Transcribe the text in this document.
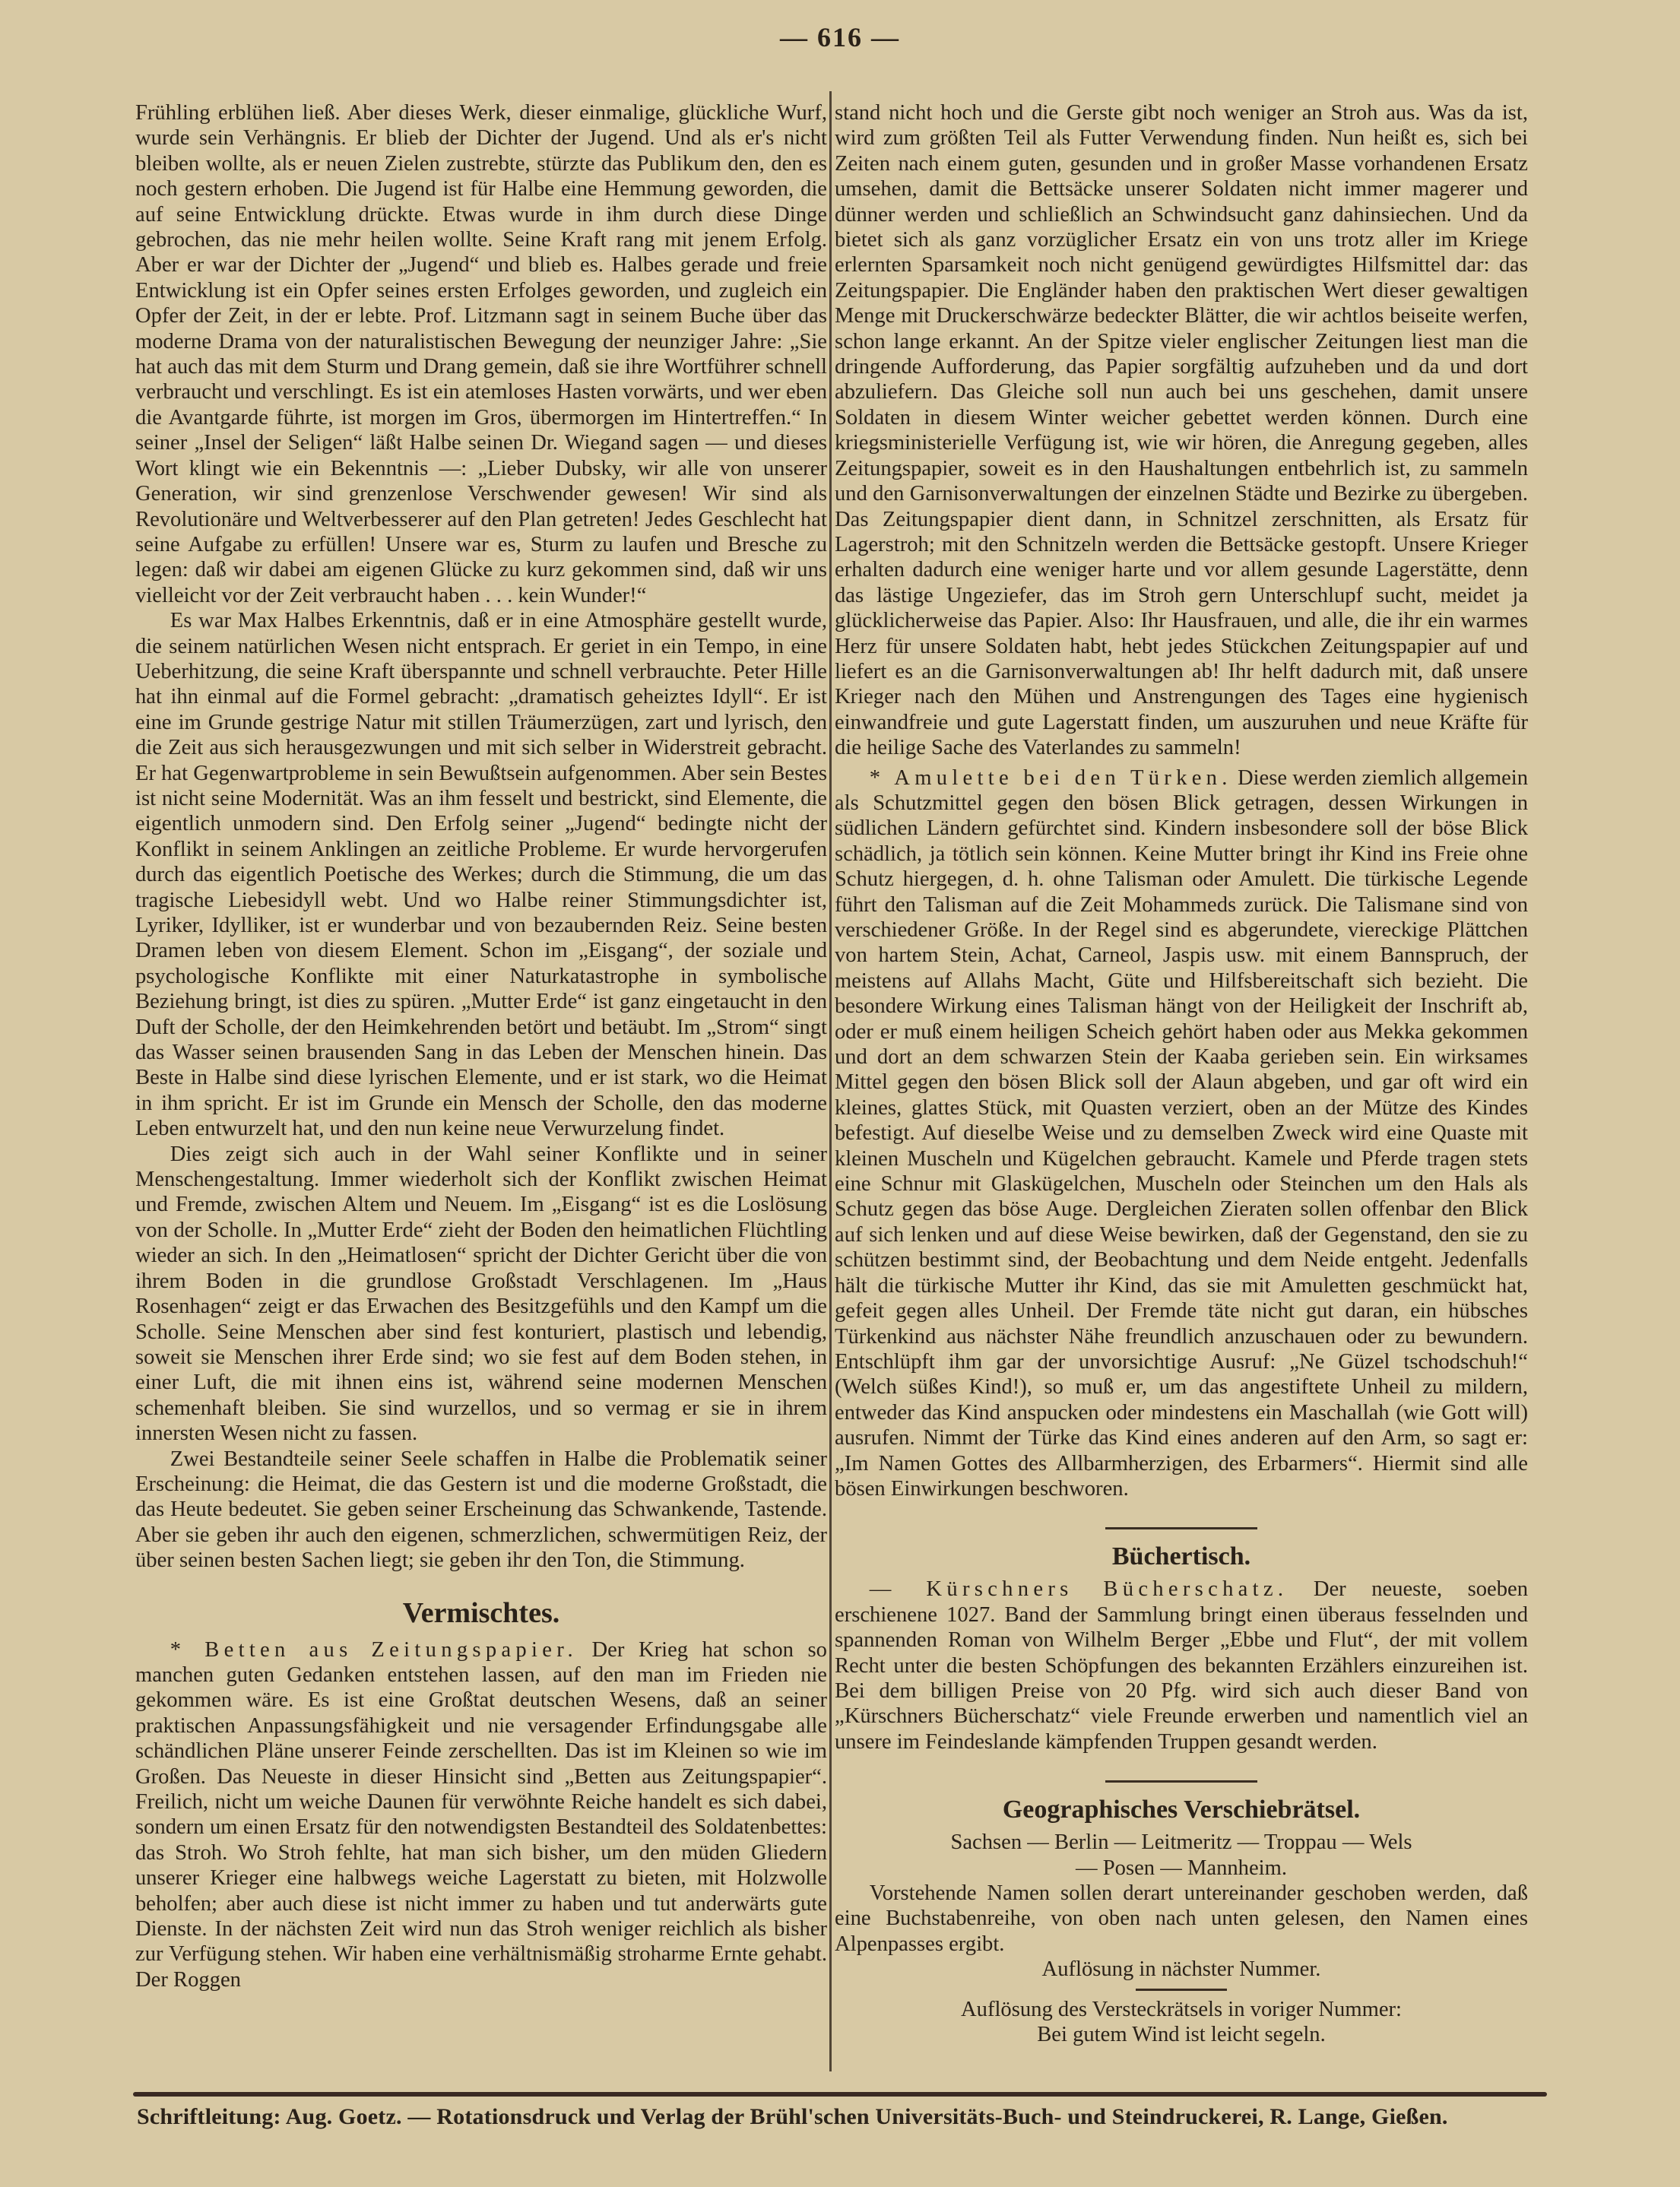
— 616 —

Frühling erblühen ließ. Aber dieses Werk, dieser einmalige, glückliche Wurf, wurde sein Verhängnis. Er blieb der Dichter der Jugend. Und als er's nicht bleiben wollte, als er neuen Zielen zustrebte, stürzte das Publikum den, den es noch gestern erhoben. Die Jugend ist für Halbe eine Hemmung geworden, die auf seine Entwicklung drückte. Etwas wurde in ihm durch diese Dinge gebrochen, das nie mehr heilen wollte. Seine Kraft rang mit jenem Erfolg. Aber er war der Dichter der „Jugend“ und blieb es. Halbes gerade und freie Entwicklung ist ein Opfer seines ersten Erfolges geworden, und zugleich ein Opfer der Zeit, in der er lebte. Prof. Litzmann sagt in seinem Buche über das moderne Drama von der naturalistischen Bewegung der neunziger Jahre: „Sie hat auch das mit dem Sturm und Drang gemein, daß sie ihre Wortführer schnell verbraucht und verschlingt. Es ist ein atemloses Hasten vorwärts, und wer eben die Avantgarde führte, ist morgen im Gros, übermorgen im Hintertreffen.“ In seiner „Insel der Seligen“ läßt Halbe seinen Dr. Wiegand sagen — und dieses Wort klingt wie ein Bekenntnis —: „Lieber Dubsky, wir alle von unserer Generation, wir sind grenzenlose Verschwender gewesen! Wir sind als Revolutionäre und Weltverbesserer auf den Plan getreten! Jedes Geschlecht hat seine Aufgabe zu erfüllen! Unsere war es, Sturm zu laufen und Bresche zu legen: daß wir dabei am eigenen Glücke zu kurz gekommen sind, daß wir uns vielleicht vor der Zeit verbraucht haben . . . kein Wunder!“

Es war Max Halbes Erkenntnis, daß er in eine Atmosphäre gestellt wurde, die seinem natürlichen Wesen nicht entsprach. Er geriet in ein Tempo, in eine Ueberhitzung, die seine Kraft überspannte und schnell verbrauchte. Peter Hille hat ihn einmal auf die Formel gebracht: „dramatisch geheiztes Idyll“. Er ist eine im Grunde gestrige Natur mit stillen Träumerzügen, zart und lyrisch, den die Zeit aus sich herausgezwungen und mit sich selber in Widerstreit gebracht. Er hat Gegenwartprobleme in sein Bewußtsein aufgenommen. Aber sein Bestes ist nicht seine Modernität. Was an ihm fesselt und bestrickt, sind Elemente, die eigentlich unmodern sind. Den Erfolg seiner „Jugend“ bedingte nicht der Konflikt in seinem Anklingen an zeitliche Probleme. Er wurde hervorgerufen durch das eigentlich Poetische des Werkes; durch die Stimmung, die um das tragische Liebesidyll webt. Und wo Halbe reiner Stimmungsdichter ist, Lyriker, Idylliker, ist er wunderbar und von bezaubernden Reiz. Seine besten Dramen leben von diesem Element. Schon im „Eisgang“, der soziale und psychologische Konflikte mit einer Naturkatastrophe in symbolische Beziehung bringt, ist dies zu spüren. „Mutter Erde“ ist ganz eingetaucht in den Duft der Scholle, der den Heimkehrenden betört und betäubt. Im „Strom“ singt das Wasser seinen brausenden Sang in das Leben der Menschen hinein. Das Beste in Halbe sind diese lyrischen Elemente, und er ist stark, wo die Heimat in ihm spricht. Er ist im Grunde ein Mensch der Scholle, den das moderne Leben entwurzelt hat, und den nun keine neue Verwurzelung findet.

Dies zeigt sich auch in der Wahl seiner Konflikte und in seiner Menschengestaltung. Immer wiederholt sich der Konflikt zwischen Heimat und Fremde, zwischen Altem und Neuem. Im „Eisgang“ ist es die Loslösung von der Scholle. In „Mutter Erde“ zieht der Boden den heimatlichen Flüchtling wieder an sich. In den „Heimatlosen“ spricht der Dichter Gericht über die von ihrem Boden in die grundlose Großstadt Verschlagenen. Im „Haus Rosenhagen“ zeigt er das Erwachen des Besitzgefühls und den Kampf um die Scholle. Seine Menschen aber sind fest konturiert, plastisch und lebendig, soweit sie Menschen ihrer Erde sind; wo sie fest auf dem Boden stehen, in einer Luft, die mit ihnen eins ist, während seine modernen Menschen schemenhaft bleiben. Sie sind wurzellos, und so vermag er sie in ihrem innersten Wesen nicht zu fassen.

Zwei Bestandteile seiner Seele schaffen in Halbe die Problematik seiner Erscheinung: die Heimat, die das Gestern ist und die moderne Großstadt, die das Heute bedeutet. Sie geben seiner Erscheinung das Schwankende, Tastende. Aber sie geben ihr auch den eigenen, schmerzlichen, schwermütigen Reiz, der über seinen besten Sachen liegt; sie geben ihr den Ton, die Stimmung.

Vermischtes.

* Betten aus Zeitungspapier. Der Krieg hat schon so manchen guten Gedanken entstehen lassen, auf den man im Frieden nie gekommen wäre. Es ist eine Großtat deutschen Wesens, daß an seiner praktischen Anpassungsfähigkeit und nie versagender Erfindungsgabe alle schändlichen Pläne unserer Feinde zerschellten. Das ist im Kleinen so wie im Großen. Das Neueste in dieser Hinsicht sind „Betten aus Zeitungspapier“. Freilich, nicht um weiche Daunen für verwöhnte Reiche handelt es sich dabei, sondern um einen Ersatz für den notwendigsten Bestandteil des Soldatenbettes: das Stroh. Wo Stroh fehlte, hat man sich bisher, um den müden Gliedern unserer Krieger eine halbwegs weiche Lagerstatt zu bieten, mit Holzwolle beholfen; aber auch diese ist nicht immer zu haben und tut anderwärts gute Dienste. In der nächsten Zeit wird nun das Stroh weniger reichlich als bisher zur Verfügung stehen. Wir haben eine verhältnismäßig stroharme Ernte gehabt. Der Roggen

stand nicht hoch und die Gerste gibt noch weniger an Stroh aus. Was da ist, wird zum größten Teil als Futter Verwendung finden. Nun heißt es, sich bei Zeiten nach einem guten, gesunden und in großer Masse vorhandenen Ersatz umsehen, damit die Bettsäcke unserer Soldaten nicht immer magerer und dünner werden und schließlich an Schwindsucht ganz dahinsiechen. Und da bietet sich als ganz vorzüglicher Ersatz ein von uns trotz aller im Kriege erlernten Sparsamkeit noch nicht genügend gewürdigtes Hilfsmittel dar: das Zeitungspapier. Die Engländer haben den praktischen Wert dieser gewaltigen Menge mit Druckerschwärze bedeckter Blätter, die wir achtlos beiseite werfen, schon lange erkannt. An der Spitze vieler englischer Zeitungen liest man die dringende Aufforderung, das Papier sorgfältig aufzuheben und da und dort abzuliefern. Das Gleiche soll nun auch bei uns geschehen, damit unsere Soldaten in diesem Winter weicher gebettet werden können. Durch eine kriegsministerielle Verfügung ist, wie wir hören, die Anregung gegeben, alles Zeitungspapier, soweit es in den Haushaltungen entbehrlich ist, zu sammeln und den Garnisonverwaltungen der einzelnen Städte und Bezirke zu übergeben. Das Zeitungspapier dient dann, in Schnitzel zerschnitten, als Ersatz für Lagerstroh; mit den Schnitzeln werden die Bettsäcke gestopft. Unsere Krieger erhalten dadurch eine weniger harte und vor allem gesunde Lagerstätte, denn das lästige Ungeziefer, das im Stroh gern Unterschlupf sucht, meidet ja glücklicherweise das Papier. Also: Ihr Hausfrauen, und alle, die ihr ein warmes Herz für unsere Soldaten habt, hebt jedes Stückchen Zeitungspapier auf und liefert es an die Garnisonverwaltungen ab! Ihr helft dadurch mit, daß unsere Krieger nach den Mühen und Anstrengungen des Tages eine hygienisch einwandfreie und gute Lagerstatt finden, um auszuruhen und neue Kräfte für die heilige Sache des Vaterlandes zu sammeln!

* Amulette bei den Türken. Diese werden ziemlich allgemein als Schutzmittel gegen den bösen Blick getragen, dessen Wirkungen in südlichen Ländern gefürchtet sind. Kindern insbesondere soll der böse Blick schädlich, ja tötlich sein können. Keine Mutter bringt ihr Kind ins Freie ohne Schutz hiergegen, d. h. ohne Talisman oder Amulett. Die türkische Legende führt den Talisman auf die Zeit Mohammeds zurück. Die Talismane sind von verschiedener Größe. In der Regel sind es abgerundete, viereckige Plättchen von hartem Stein, Achat, Carneol, Jaspis usw. mit einem Bannspruch, der meistens auf Allahs Macht, Güte und Hilfsbereitschaft sich bezieht. Die besondere Wirkung eines Talisman hängt von der Heiligkeit der Inschrift ab, oder er muß einem heiligen Scheich gehört haben oder aus Mekka gekommen und dort an dem schwarzen Stein der Kaaba gerieben sein. Ein wirksames Mittel gegen den bösen Blick soll der Alaun abgeben, und gar oft wird ein kleines, glattes Stück, mit Quasten verziert, oben an der Mütze des Kindes befestigt. Auf dieselbe Weise und zu demselben Zweck wird eine Quaste mit kleinen Muscheln und Kügelchen gebraucht. Kamele und Pferde tragen stets eine Schnur mit Glaskügelchen, Muscheln oder Steinchen um den Hals als Schutz gegen das böse Auge. Dergleichen Zieraten sollen offenbar den Blick auf sich lenken und auf diese Weise bewirken, daß der Gegenstand, den sie zu schützen bestimmt sind, der Beobachtung und dem Neide entgeht. Jedenfalls hält die türkische Mutter ihr Kind, das sie mit Amuletten geschmückt hat, gefeit gegen alles Unheil. Der Fremde täte nicht gut daran, ein hübsches Türkenkind aus nächster Nähe freundlich anzuschauen oder zu bewundern. Entschlüpft ihm gar der unvorsichtige Ausruf: „Ne Güzel tschodschuh!“ (Welch süßes Kind!), so muß er, um das angestiftete Unheil zu mildern, entweder das Kind anspucken oder mindestens ein Maschallah (wie Gott will) ausrufen. Nimmt der Türke das Kind eines anderen auf den Arm, so sagt er: „Im Namen Gottes des Allbarmherzigen, des Erbarmers“. Hiermit sind alle bösen Einwirkungen beschworen.

Büchertisch.

— Kürschners Bücherschatz. Der neueste, soeben erschienene 1027. Band der Sammlung bringt einen überaus fesselnden und spannenden Roman von Wilhelm Berger „Ebbe und Flut“, der mit vollem Recht unter die besten Schöpfungen des bekannten Erzählers einzureihen ist. Bei dem billigen Preise von 20 Pfg. wird sich auch dieser Band von „Kürschners Bücherschatz“ viele Freunde erwerben und namentlich viel an unsere im Feindeslande kämpfenden Truppen gesandt werden.

Geographisches Verschiebrätsel.

Sachsen — Berlin — Leitmeritz — Troppau — Wels

— Posen — Mannheim.

Vorstehende Namen sollen derart untereinander geschoben werden, daß eine Buchstabenreihe, von oben nach unten gelesen, den Namen eines Alpenpasses ergibt.

Auflösung in nächster Nummer.

Auflösung des Versteckrätsels in voriger Nummer:

Bei gutem Wind ist leicht segeln.

Schriftleitung: Aug. Goetz. — Rotationsdruck und Verlag der Brühl'schen Universitäts-Buch- und Steindruckerei, R. Lange, Gießen.
